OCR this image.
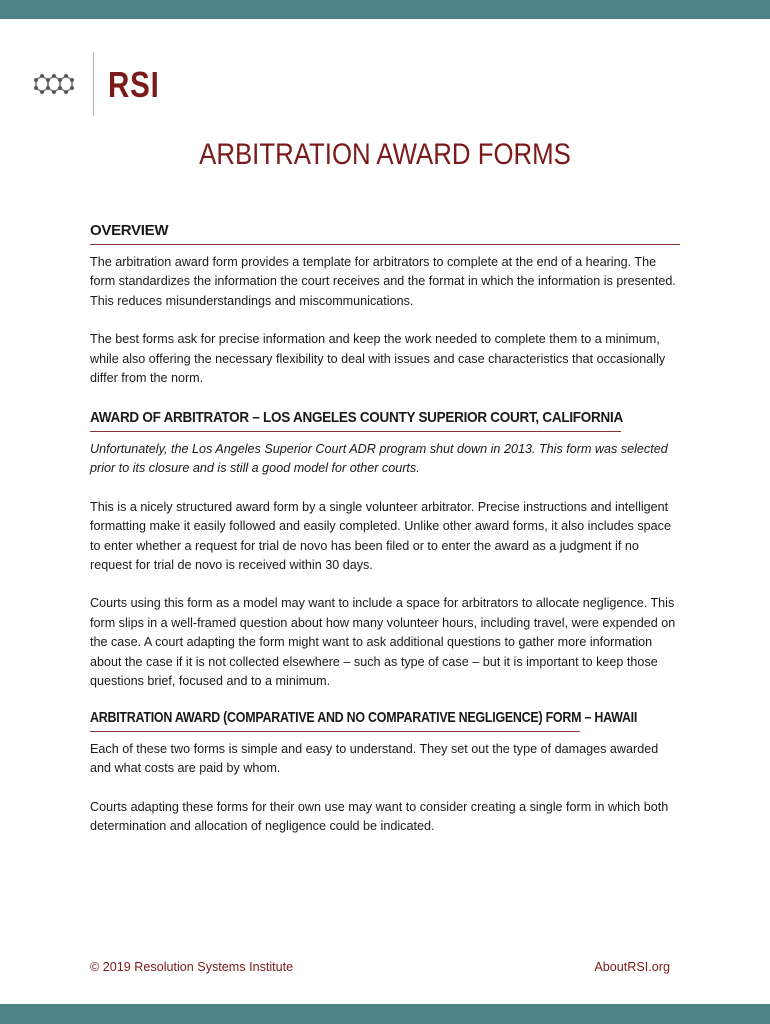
RSI
ARBITRATION AWARD FORMS
OVERVIEW

The arbitration award form provides a template for arbitrators to complete at the end of a hearing. The form standardizes the information the court receives and the format in which the information is presented. This reduces misunderstandings and miscommunications.

The best forms ask for precise information and keep the work needed to complete them to a minimum, while also offering the necessary flexibility to deal with issues and case characteristics that occasionally differ from the norm.

AWARD OF ARBITRATOR – LOS ANGELES COUNTY SUPERIOR COURT, CALIFORNIA

Unfortunately, the Los Angeles Superior Court ADR program shut down in 2013. This form was selected prior to its closure and is still a good model for other courts.

This is a nicely structured award form by a single volunteer arbitrator. Precise instructions and intelligent formatting make it easily followed and easily completed. Unlike other award forms, it also includes space to enter whether a request for trial de novo has been filed or to enter the award as a judgment if no request for trial de novo is received within 30 days.

Courts using this form as a model may want to include a space for arbitrators to allocate negligence. This form slips in a well-framed question about how many volunteer hours, including travel, were expended on the case. A court adapting the form might want to ask additional questions to gather more information about the case if it is not collected elsewhere – such as type of case – but it is important to keep those questions brief, focused and to a minimum.

ARBITRATION AWARD (COMPARATIVE AND NO COMPARATIVE NEGLIGENCE) FORM – HAWAII

Each of these two forms is simple and easy to understand. They set out the type of damages awarded and what costs are paid by whom.

Courts adapting these forms for their own use may want to consider creating a single form in which both determination and allocation of negligence could be indicated.

© 2019 Resolution Systems Institute	AboutRSI.org
